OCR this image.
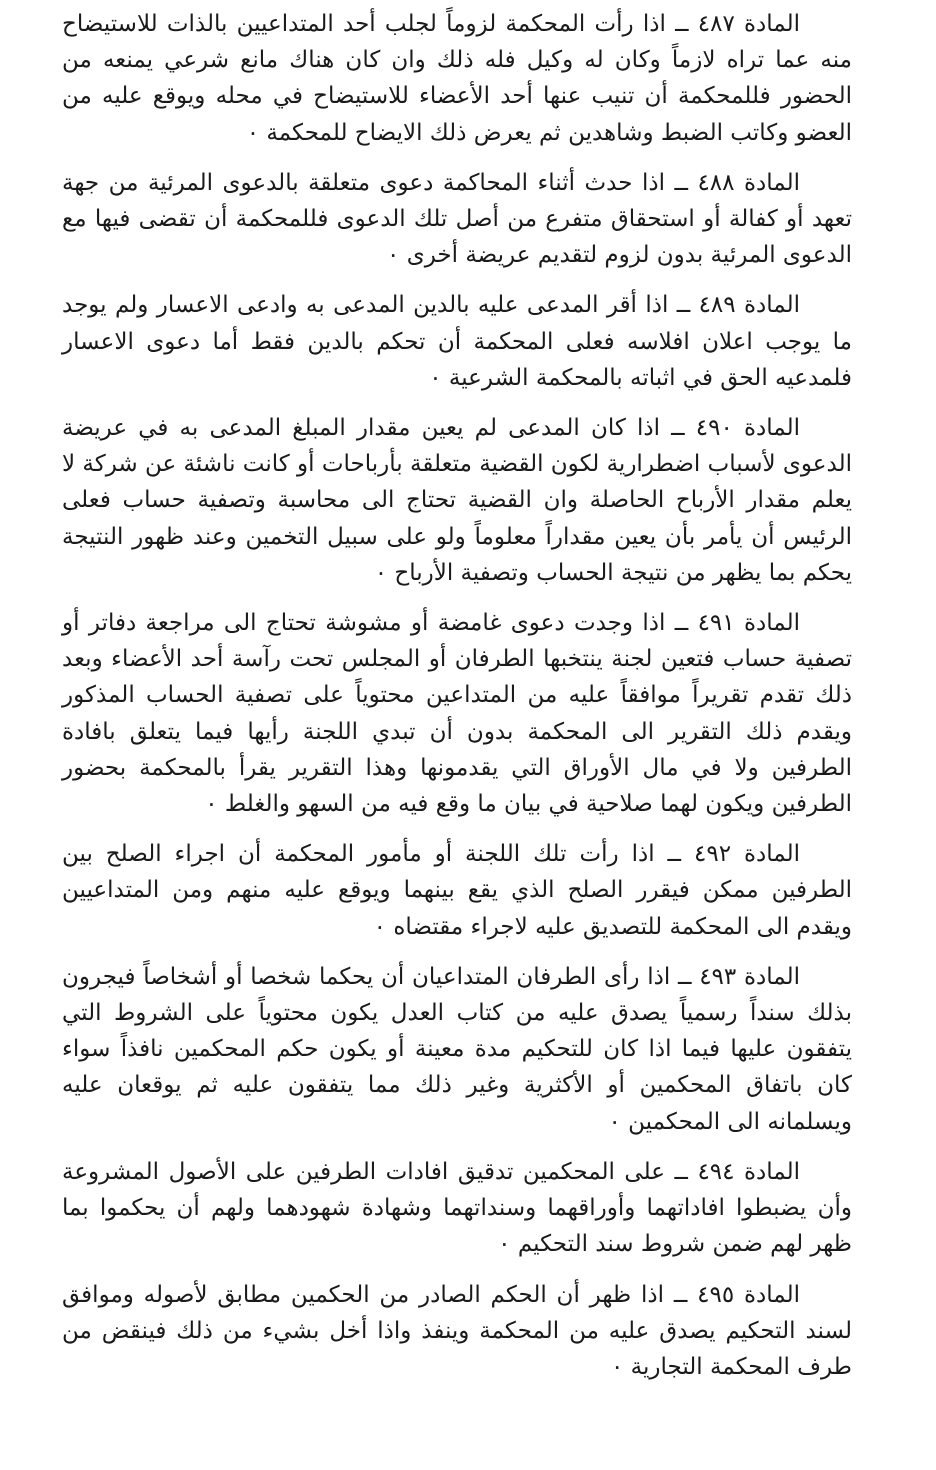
المادة ٤٨٧ ــ اذا رأت المحكمة لزوماً لجلب أحد المتداعيين بالذات للاستيضاح منه عما تراه لازماً وكان له وكيل فله ذلك وان كان هناك مانع شرعي يمنعه من الحضور فللمحكمة أن تنيب عنها أحد الأعضاء للاستيضاح في محله ويوقع عليه من العضو وكاتب الضبط وشاهدين ثم يعرض ذلك الايضاح للمحكمة ٠

المادة ٤٨٨ ــ اذا حدث أثناء المحاكمة دعوى متعلقة بالدعوى المرئية من جهة تعهد أو كفالة أو استحقاق متفرع من أصل تلك الدعوى فللمحكمة أن تقضى فيها مع الدعوى المرئية بدون لزوم لتقديم عريضة أخرى ٠

المادة ٤٨٩ ــ اذا أقر المدعى عليه بالدين المدعى به وادعى الاعسار ولم يوجد ما يوجب اعلان افلاسه فعلى المحكمة أن تحكم بالدين فقط أما دعوى الاعسار فلمدعيه الحق في اثباته بالمحكمة الشرعية ٠

المادة ٤٩٠ ــ اذا كان المدعى لم يعين مقدار المبلغ المدعى به في عريضة الدعوى لأسباب اضطرارية لكون القضية متعلقة بأرباحات أو كانت ناشئة عن شركة لا يعلم مقدار الأرباح الحاصلة وان القضية تحتاج الى محاسبة وتصفية حساب فعلى الرئيس أن يأمر بأن يعين مقداراً معلوماً ولو على سبيل التخمين وعند ظهور النتيجة يحكم بما يظهر من نتيجة الحساب وتصفية الأرباح ٠

المادة ٤٩١ ــ اذا وجدت دعوى غامضة أو مشوشة تحتاج الى مراجعة دفاتر أو تصفية حساب فتعين لجنة ينتخبها الطرفان أو المجلس تحت رآسة أحد الأعضاء وبعد ذلك تقدم تقريراً موافقاً عليه من المتداعين محتوياً على تصفية الحساب المذكور ويقدم ذلك التقرير الى المحكمة بدون أن تبدي اللجنة رأيها فيما يتعلق بافادة الطرفين ولا في مال الأوراق التي يقدمونها وهذا التقرير يقرأ بالمحكمة بحضور الطرفين ويكون لهما صلاحية في بيان ما وقع فيه من السهو والغلط ٠

المادة ٤٩٢ ــ اذا رأت تلك اللجنة أو مأمور المحكمة أن اجراء الصلح بين الطرفين ممكن فيقرر الصلح الذي يقع بينهما ويوقع عليه منهم ومن المتداعيين ويقدم الى المحكمة للتصديق عليه لاجراء مقتضاه ٠

المادة ٤٩٣ ــ اذا رأى الطرفان المتداعيان أن يحكما شخصا أو أشخاصاً فيجرون بذلك سنداً رسمياً يصدق عليه من كتاب العدل يكون محتوياً على الشروط التي يتفقون عليها فيما اذا كان للتحكيم مدة معينة أو يكون حكم المحكمين نافذاً سواء كان باتفاق المحكمين أو الأكثرية وغير ذلك مما يتفقون عليه ثم يوقعان عليه ويسلمانه الى المحكمين ٠

المادة ٤٩٤ ــ على المحكمين تدقيق افادات الطرفين على الأصول المشروعة وأن يضبطوا افاداتهما وأوراقهما وسنداتهما وشهادة شهودهما ولهم أن يحكموا بما ظهر لهم ضمن شروط سند التحكيم ٠

المادة ٤٩٥ ــ اذا ظهر أن الحكم الصادر من الحكمين مطابق لأصوله وموافق لسند التحكيم يصدق عليه من المحكمة وينفذ واذا أخل بشيء من ذلك فينقض من طرف المحكمة التجارية ٠
